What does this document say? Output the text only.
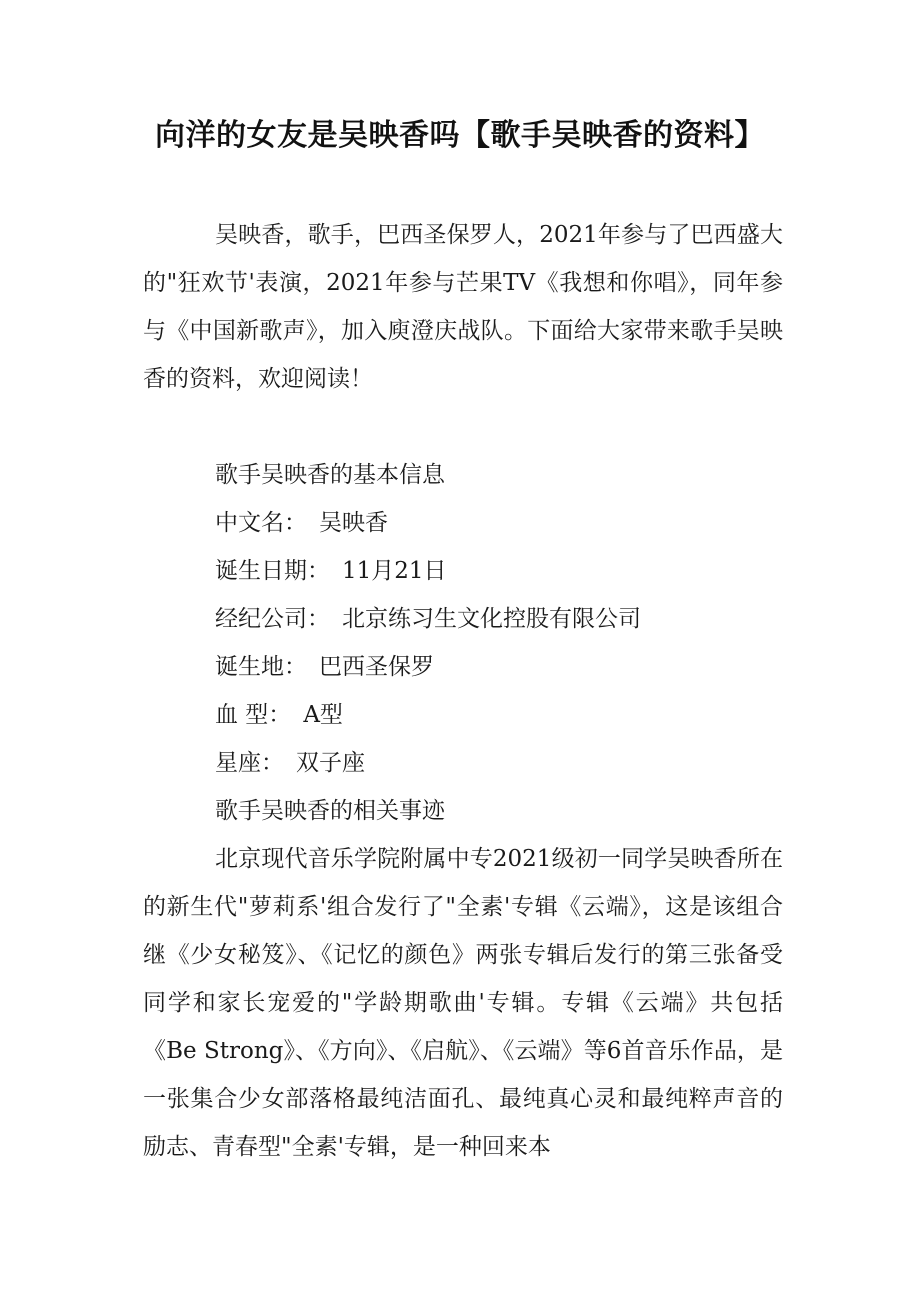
向洋的女友是吴映香吗【歌手吴映香的资料】

吴映香，歌手，巴西圣保罗人，2021年参与了巴西盛大的"狂欢节'表演，2021年参与芒果TV《我想和你唱》，同年参与《中国新歌声》，加入庾澄庆战队。下面给大家带来歌手吴映香的资料，欢迎阅读！

歌手吴映香的基本信息
中文名： 吴映香
诞生日期： 11月21日
经纪公司： 北京练习生文化控股有限公司
诞生地： 巴西圣保罗
血 型： A型
星座： 双子座
歌手吴映香的相关事迹

北京现代音乐学院附属中专2021级初一同学吴映香所在的新生代"萝莉系'组合发行了"全素'专辑《云端》，这是该组合继《少女秘笈》、《记忆的颜色》两张专辑后发行的第三张备受同学和家长宠爱的"学龄期歌曲'专辑。专辑《云端》共包括《Be Strong》、《方向》、《启航》、《云端》等6首音乐作品，是一张集合少女部落格最纯洁面孔、最纯真心灵和最纯粹声音的励志、青春型"全素'专辑，是一种回来本
